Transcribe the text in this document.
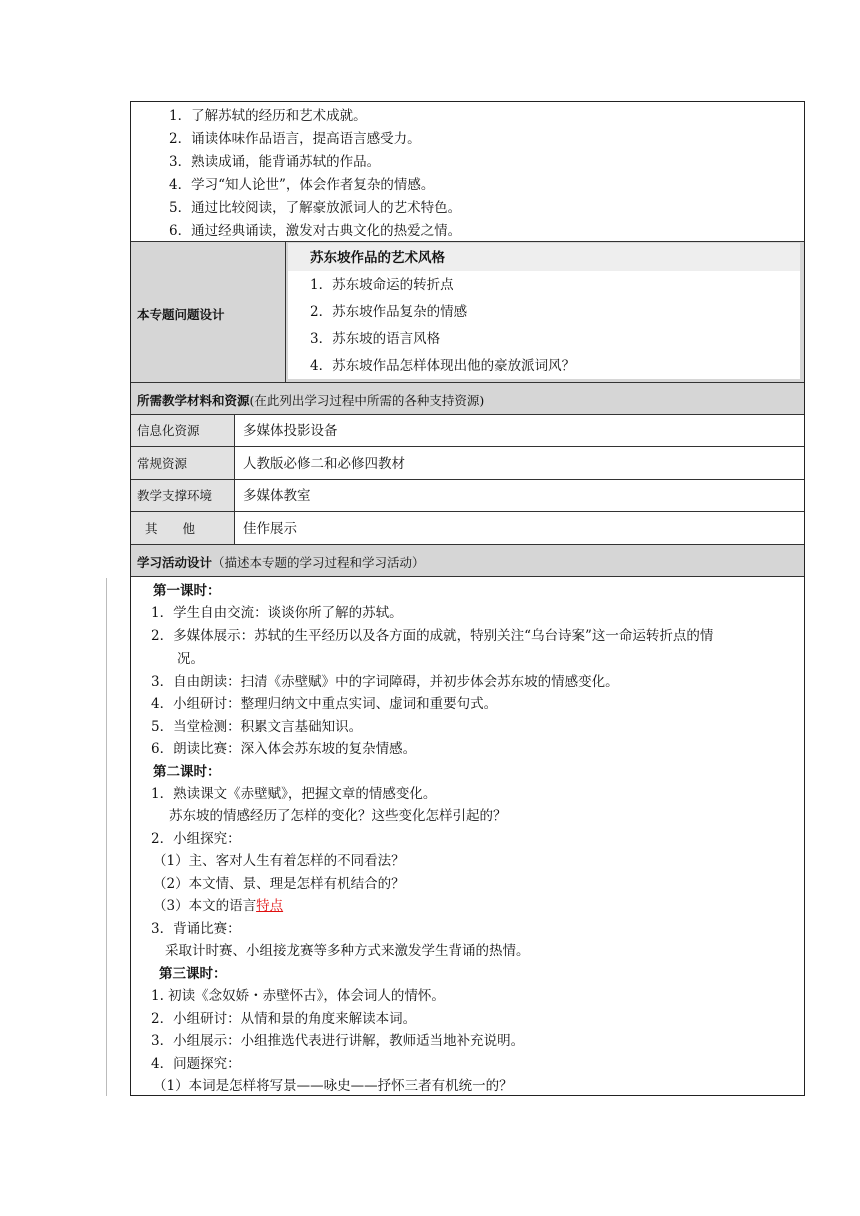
1．了解苏轼的经历和艺术成就。
2．诵读体味作品语言，提高语言感受力。
3．熟读成诵，能背诵苏轼的作品。
4．学习“知人论世”，体会作者复杂的情感。
5．通过比较阅读，了解豪放派词人的艺术特色。
6．通过经典诵读，激发对古典文化的热爱之情。
本专题问题设计
苏东坡作品的艺术风格
1．苏东坡命运的转折点
2．苏东坡作品复杂的情感
3．苏东坡的语言风格
4．苏东坡作品怎样体现出他的豪放派词风？
所需教学材料和资源(在此列出学习过程中所需的各种支持资源)
信息化资源	多媒体投影设备
常规资源	人教版必修二和必修四教材
教学支撑环境 多媒体教室
其　　他	佳作展示
学习活动设计（描述本专题的学习过程和学习活动）
第一课时：
1．学生自由交流：谈谈你所了解的苏轼。
2．多媒体展示：苏轼的生平经历以及各方面的成就，特别关注“乌台诗案”这一命运转折点的情
况。
3．自由朗读：扫清《赤壁赋》中的字词障碍，并初步体会苏东坡的情感变化。
4．小组研讨：整理归纳文中重点实词、虚词和重要句式。
5．当堂检测：积累文言基础知识。
6．朗读比赛：深入体会苏东坡的复杂情感。
第二课时：
1．熟读课文《赤壁赋》，把握文章的情感变化。
苏东坡的情感经历了怎样的变化？这些变化怎样引起的？
2．小组探究：
（1）主、客对人生有着怎样的不同看法？
（2）本文情、景、理是怎样有机结合的？
（3）本文的语言特点
3．背诵比赛：
采取计时赛、小组接龙赛等多种方式来激发学生背诵的热情。
第三课时：
1. 初读《念奴娇・赤壁怀古》，体会词人的情怀。
2．小组研讨：从情和景的角度来解读本词。
3．小组展示：小组推选代表进行讲解，教师适当地补充说明。
4．问题探究：
（1）本词是怎样将写景——咏史——抒怀三者有机统一的？
